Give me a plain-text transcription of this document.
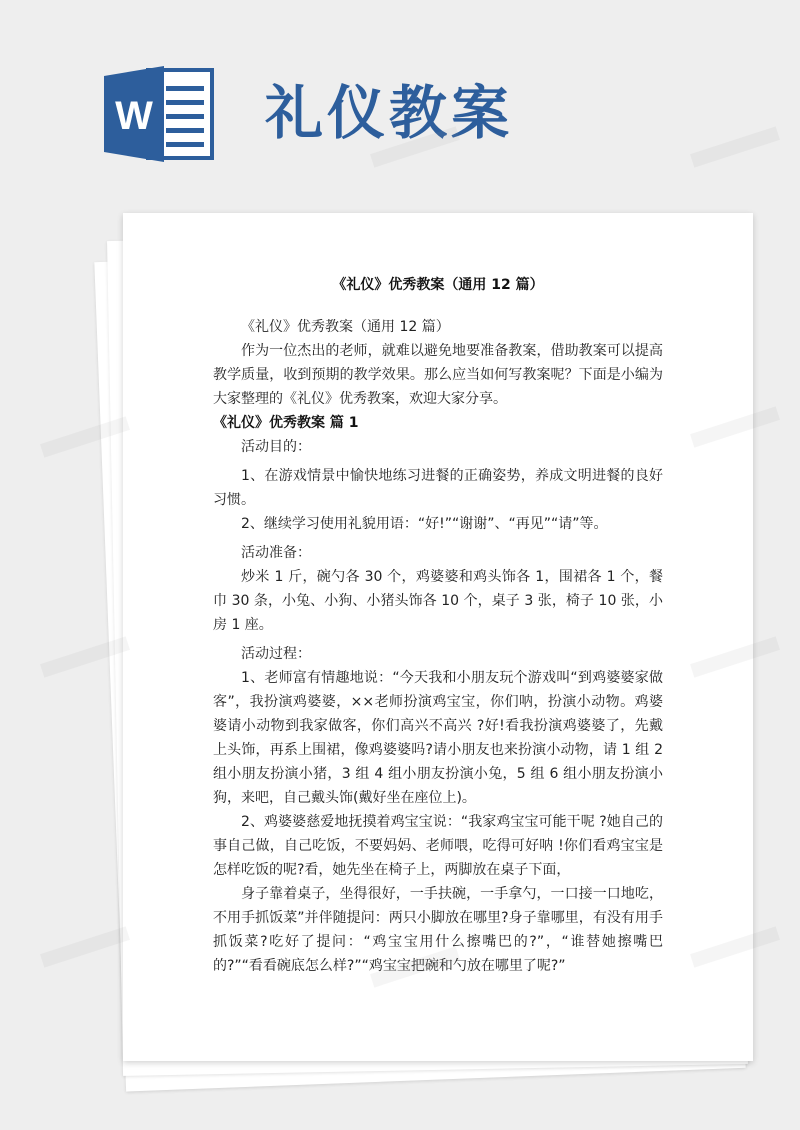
W 礼仪教案
《礼仪》优秀教案（通用 12 篇）

《礼仪》优秀教案（通用 12 篇）

作为一位杰出的老师，就难以避免地要准备教案，借助教案可以提高教学质量，收到预期的教学效果。那么应当如何写教案呢？下面是小编为大家整理的《礼仪》优秀教案，欢迎大家分享。

《礼仪》优秀教案 篇 1

活动目的：

1、在游戏情景中愉快地练习进餐的正确姿势，养成文明进餐的良好习惯。

2、继续学习使用礼貌用语：“好!”“谢谢”、“再见”“请”等。

活动准备：

炒米 1 斤，碗勺各 30 个，鸡婆婆和鸡头饰各 1，围裙各 1 个，餐巾 30 条，小兔、小狗、小猪头饰各 10 个，桌子 3 张，椅子 10 张，小房 1 座。

活动过程：

1、老师富有情趣地说：“今天我和小朋友玩个游戏叫“到鸡婆婆家做客”，我扮演鸡婆婆，××老师扮演鸡宝宝，你们呐，扮演小动物。鸡婆婆请小动物到我家做客，你们高兴不高兴 ?好!看我扮演鸡婆婆了，先戴上头饰，再系上围裙，像鸡婆婆吗?请小朋友也来扮演小动物，请 1 组 2 组小朋友扮演小猪，3 组 4 组小朋友扮演小兔，5 组 6 组小朋友扮演小狗，来吧，自己戴头饰(戴好坐在座位上)。

2、鸡婆婆慈爱地抚摸着鸡宝宝说：“我家鸡宝宝可能干呢 ?她自己的事自己做，自己吃饭，不要妈妈、老师喂，吃得可好呐 !你们看鸡宝宝是怎样吃饭的呢?看，她先坐在椅子上，两脚放在桌子下面，

身子靠着桌子，坐得很好，一手扶碗，一手拿勺，一口接一口地吃，不用手抓饭菜”并伴随提问：两只小脚放在哪里?身子靠哪里，有没有用手抓饭菜?吃好了提问：“鸡宝宝用什么擦嘴巴的?”，“谁替她擦嘴巴的?”“看看碗底怎么样?”“鸡宝宝把碗和勺放在哪里了呢?”
